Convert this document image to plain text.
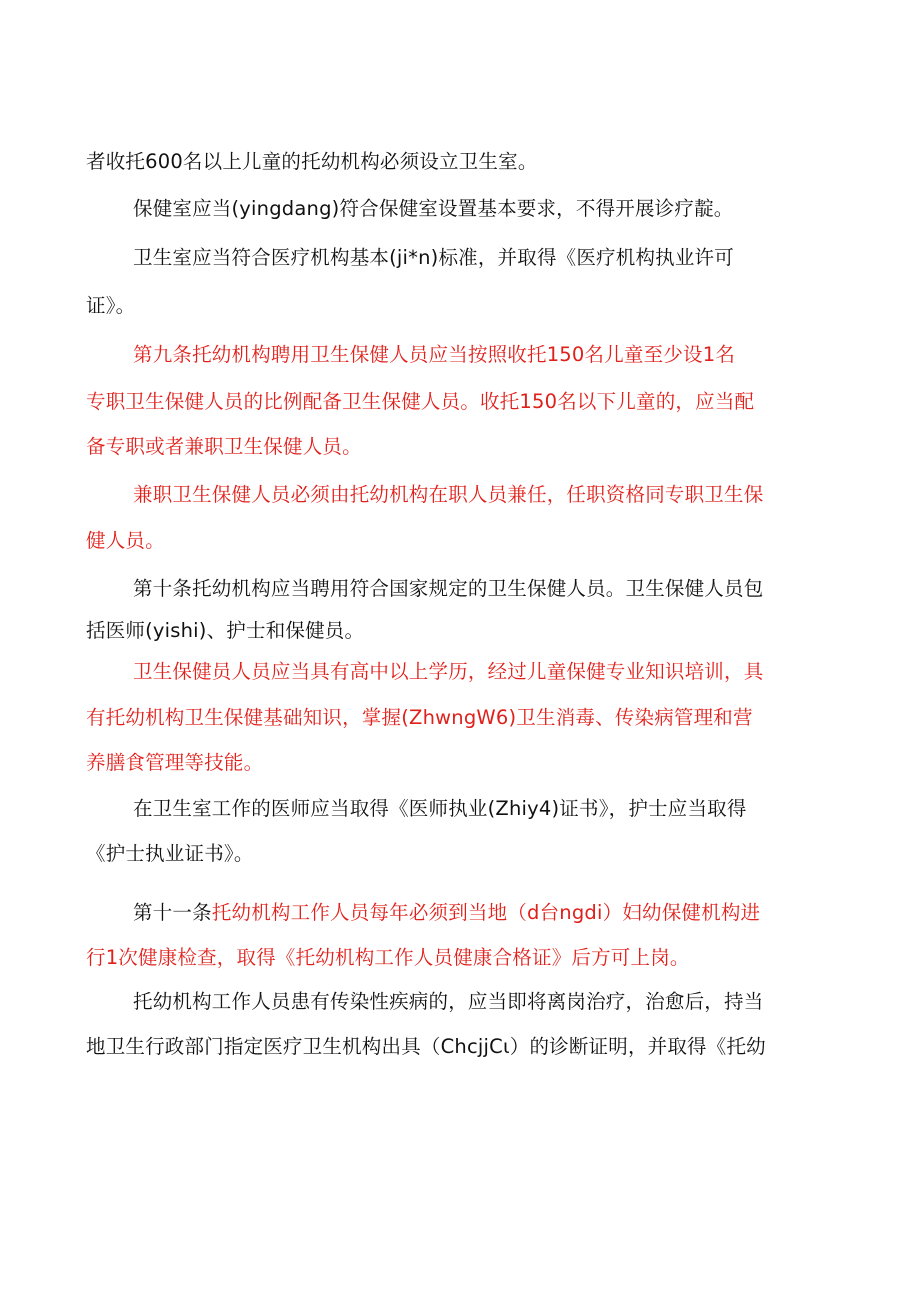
者收托600名以上儿童的托幼机构必须设立卫生室。
保健室应当(yingdang)符合保健室设置基本要求，不得开展诊疗靛。
卫生室应当符合医疗机构基本(ji*n)标准，并取得《医疗机构执业许可
证》。
第九条托幼机构聘用卫生保健人员应当按照收托150名儿童至少设1名
专职卫生保健人员的比例配备卫生保健人员。收托150名以下儿童的，应当配
备专职或者兼职卫生保健人员。
兼职卫生保健人员必须由托幼机构在职人员兼任，任职资格同专职卫生保
健人员。
第十条托幼机构应当聘用符合国家规定的卫生保健人员。卫生保健人员包
括医师(yishi)、护士和保健员。
卫生保健员人员应当具有高中以上学历，经过儿童保健专业知识培训，具
有托幼机构卫生保健基础知识，掌握(ZhwngW6)卫生消毒、传染病管理和营
养膳食管理等技能。
在卫生室工作的医师应当取得《医师执业(Zhiy4)证书》，护士应当取得
《护士执业证书》。
第十一条托幼机构工作人员每年必须到当地（d台ngdi）妇幼保健机构进
行1次健康检查，取得《托幼机构工作人员健康合格证》后方可上岗。
托幼机构工作人员患有传染性疾病的，应当即将离岗治疗，治愈后，持当
地卫生行政部门指定医疗卫生机构出具（ChcjjCι）的诊断证明，并取得《托幼
